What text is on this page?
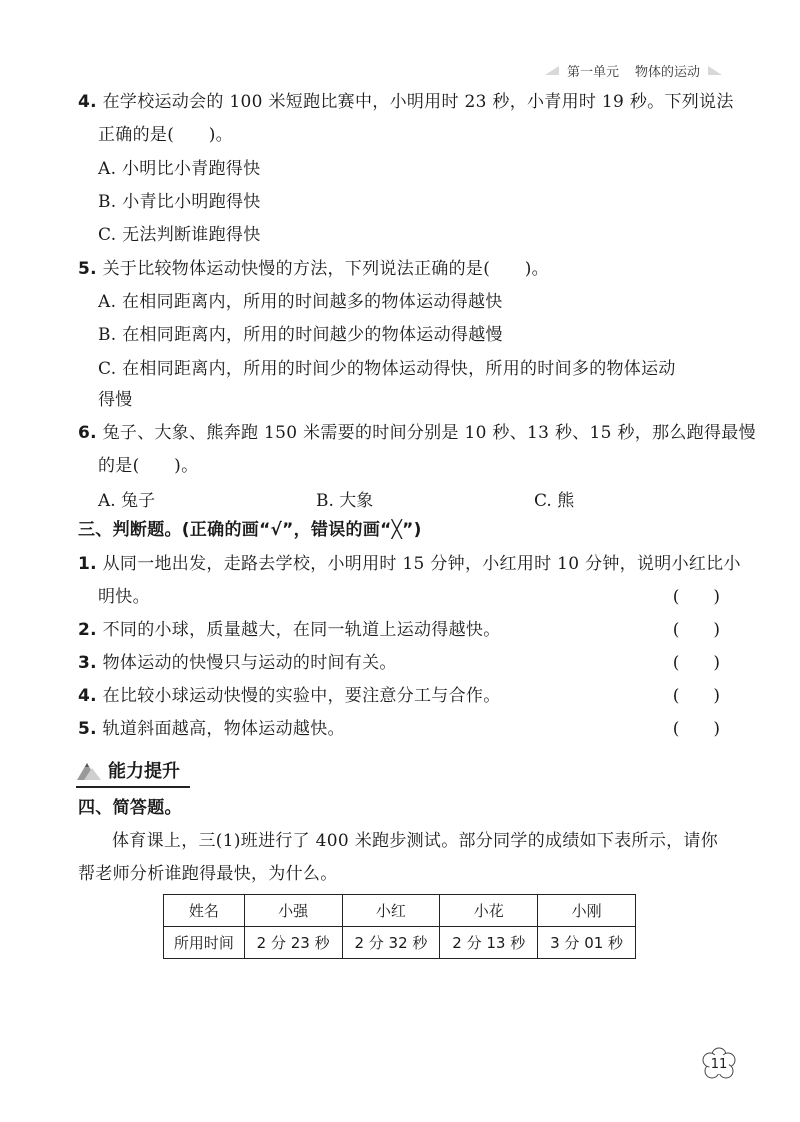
第一单元 物体的运动
4. 在学校运动会的 100 米短跑比赛中，小明用时 23 秒，小青用时 19 秒。下列说法
正确的是(　　)。
A. 小明比小青跑得快
B. 小青比小明跑得快
C. 无法判断谁跑得快
5. 关于比较物体运动快慢的方法，下列说法正确的是(　　)。
A. 在相同距离内，所用的时间越多的物体运动得越快
B. 在相同距离内，所用的时间越少的物体运动得越慢
C. 在相同距离内，所用的时间少的物体运动得快，所用的时间多的物体运动
得慢
6. 兔子、大象、熊奔跑 150 米需要的时间分别是 10 秒、13 秒、15 秒，那么跑得最慢
的是(　　)。
A. 兔子	B. 大象	C. 熊
三、判断题。(正确的画“√”，错误的画“╳”)
1. 从同一地出发，走路去学校，小明用时 15 分钟，小红用时 10 分钟，说明小红比小
明快。	(　　)
2. 不同的小球，质量越大，在同一轨道上运动得越快。	(　　)
3. 物体运动的快慢只与运动的时间有关。	(　　)
4. 在比较小球运动快慢的实验中，要注意分工与合作。	(　　)
5. 轨道斜面越高，物体运动越快。	(　　)
能力提升
四、简答题。
体育课上，三(1)班进行了 400 米跑步测试。部分同学的成绩如下表所示，请你
帮老师分析谁跑得最快，为什么。
姓名	小强	小红	小花	小刚
所用时间	2 分 23 秒	2 分 32 秒	2 分 13 秒	3 分 01 秒
11
